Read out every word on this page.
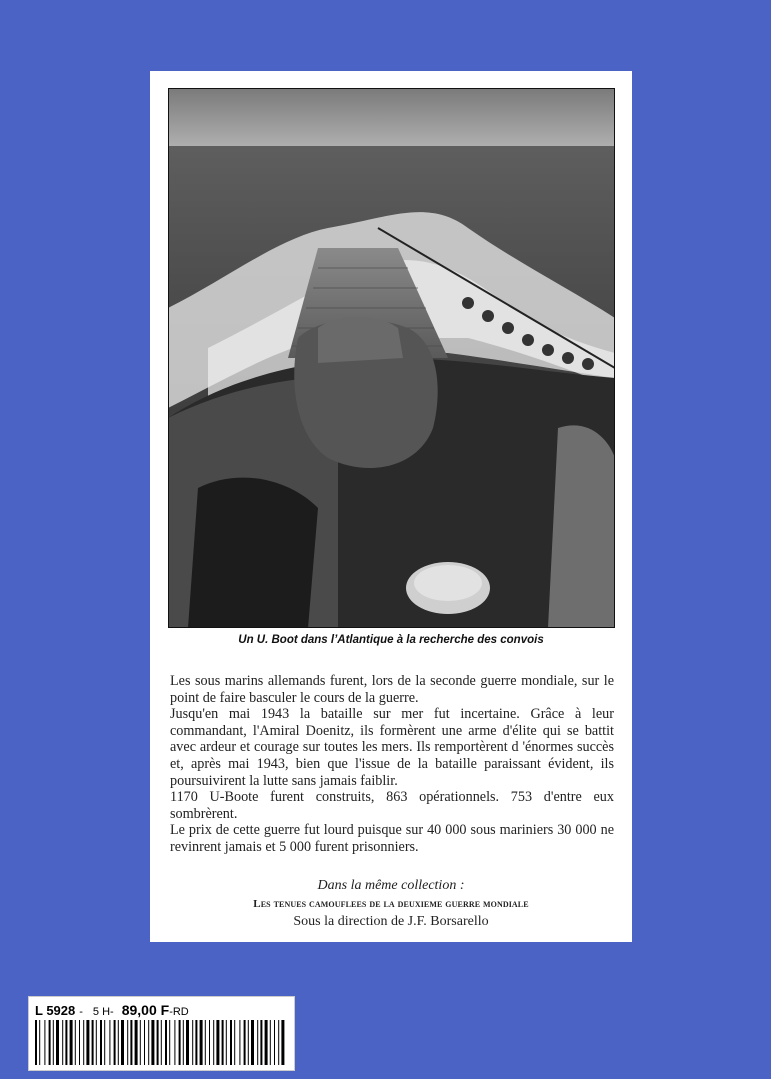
Un U. Boot dans l’Atlantique à la recherche des convois

Les sous marins allemands furent, lors de la seconde guerre mondiale, sur le point de faire basculer le cours de la guerre.

Jusqu'en mai 1943 la bataille sur mer fut incertaine. Grâce à leur commandant, l'Amiral Doenitz, ils formèrent une arme d'élite qui se battit avec ardeur et courage sur toutes les mers. Ils remportèrent d 'énormes succès et, après mai 1943, bien que l'issue de la bataille paraissant évident, ils poursuivirent la lutte sans jamais faiblir.

1170 U-Boote furent construits, 863 opérationnels. 753 d'entre eux sombrèrent.

Le prix de cette guerre fut lourd puisque sur 40 000 sous mariniers 30 000 ne revinrent jamais et 5 000 furent prisonniers.

Dans la même collection :
Les tenues camouflees de la deuxieme guerre mondiale
Sous la direction de J.F. Borsarello
L 5928 - 5 H- 89,00 F-RD
